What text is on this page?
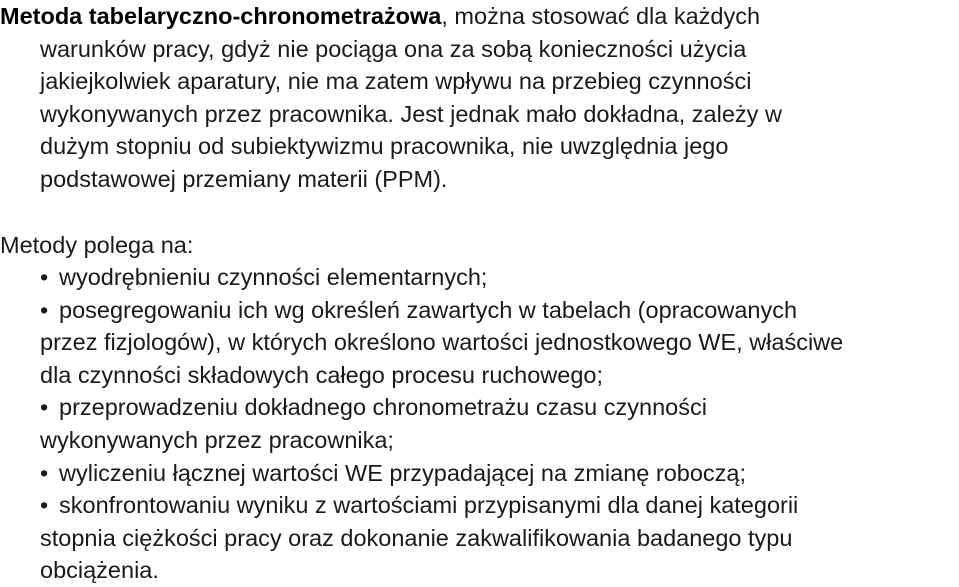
Metoda tabelaryczno-chronometrażowa, można stosować dla każdych
warunków pracy, gdyż nie pociąga ona za sobą konieczności użycia
jakiejkolwiek aparatury, nie ma zatem wpływu na przebieg czynności
wykonywanych przez pracownika. Jest jednak mało dokładna, zależy w
dużym stopniu od subiektywizmu pracownika, nie uwzględnia jego
podstawowej przemiany materii (PPM).
Metody polega na:
• wyodrębnieniu czynności elementarnych;
• posegregowaniu ich wg określeń zawartych w tabelach (opracowanych
przez fizjologów), w których określono wartości jednostkowego WE, właściwe
dla czynności składowych całego procesu ruchowego;
• przeprowadzeniu dokładnego chronometrażu czasu czynności
wykonywanych przez pracownika;
• wyliczeniu łącznej wartości WE przypadającej na zmianę roboczą;
• skonfrontowaniu wyniku z wartościami przypisanymi dla danej kategorii
stopnia ciężkości pracy oraz dokonanie zakwalifikowania badanego typu
obciążenia.
